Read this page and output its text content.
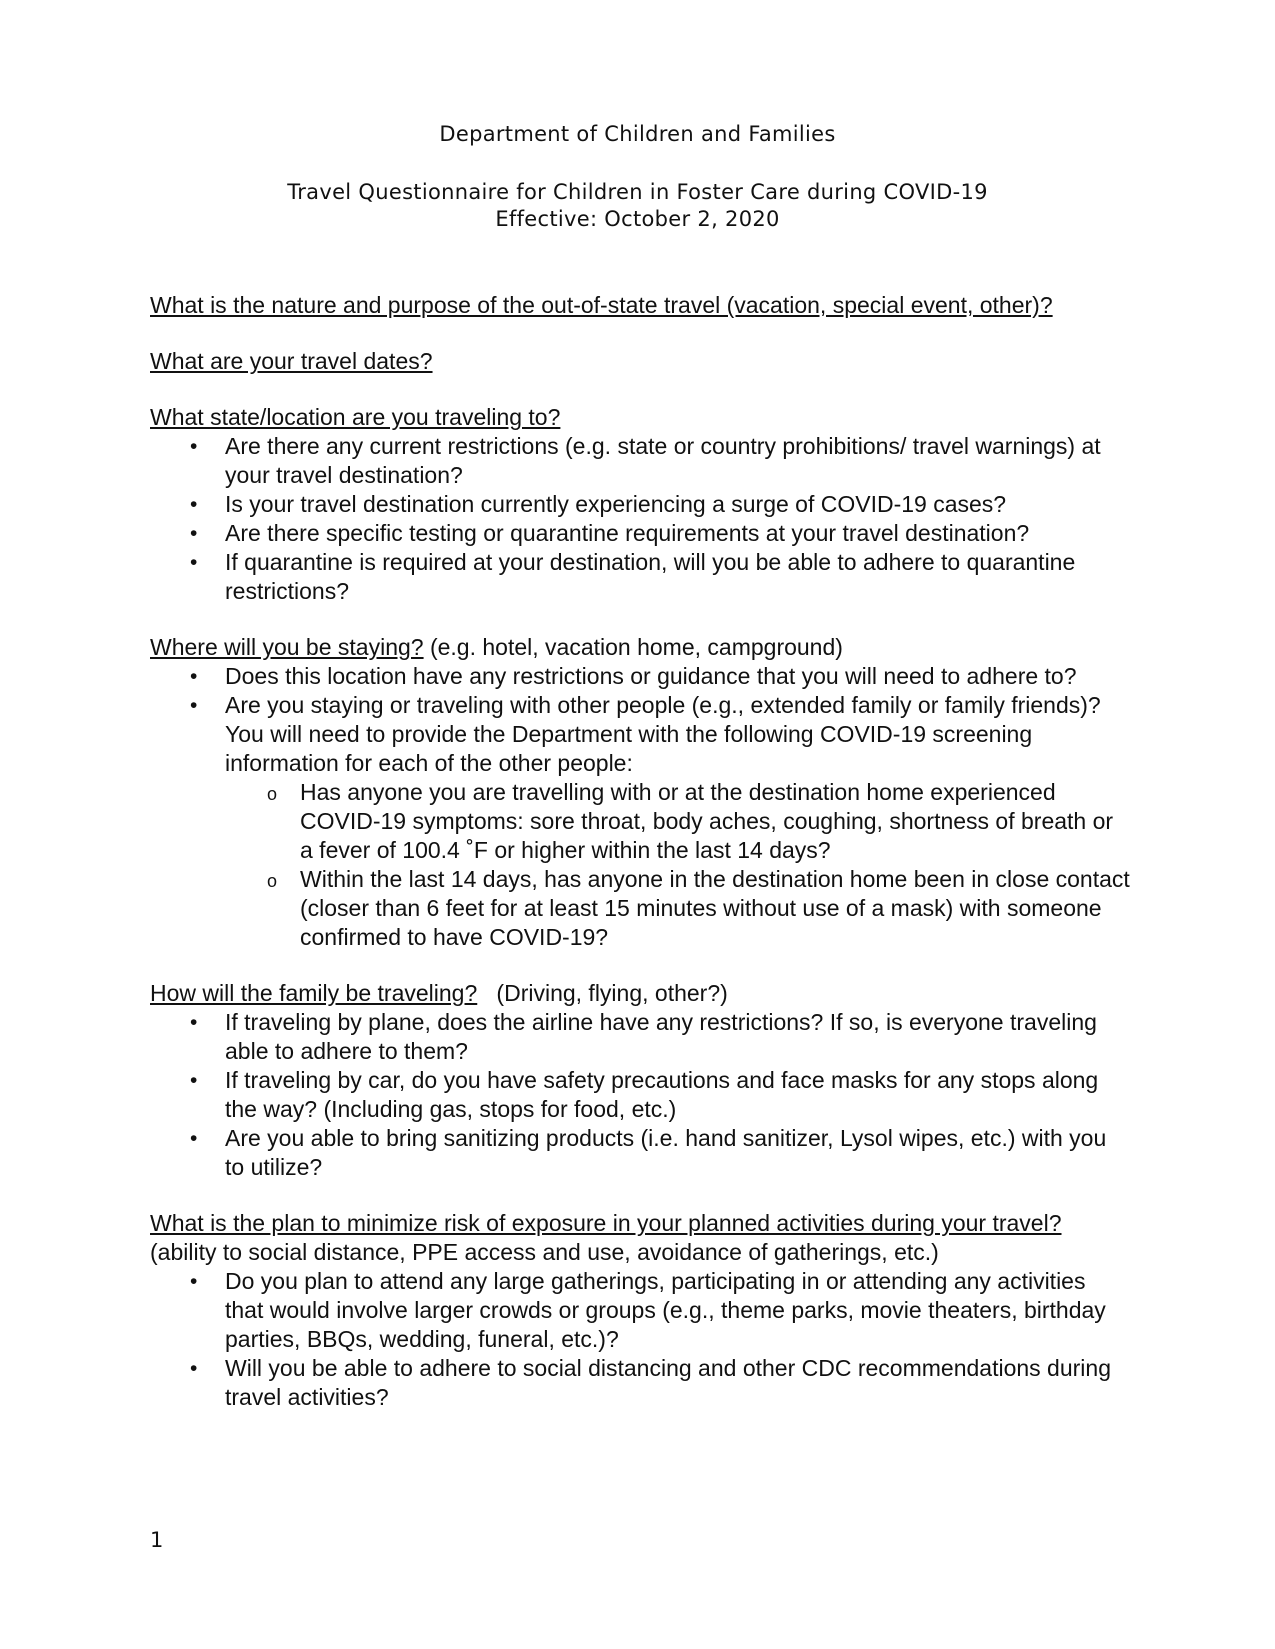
Department of Children and Families
Travel Questionnaire for Children in Foster Care during COVID-19
Effective: October 2, 2020

What is the nature and purpose of the out-of-state travel (vacation, special event, other)?

What are your travel dates?

What state/location are you traveling to?

• Are there any current restrictions (e.g. state or country prohibitions/ travel warnings) at your travel destination?
• Is your travel destination currently experiencing a surge of COVID-19 cases?
• Are there specific testing or quarantine requirements at your travel destination?
• If quarantine is required at your destination, will you be able to adhere to quarantine restrictions?

Where will you be staying? (e.g. hotel, vacation home, campground)

• Does this location have any restrictions or guidance that you will need to adhere to?
• Are you staying or traveling with other people (e.g., extended family or family friends)? You will need to provide the Department with the following COVID-19 screening information for each of the other people:
o Has anyone you are travelling with or at the destination home experienced COVID-19 symptoms: sore throat, body aches, coughing, shortness of breath or a fever of 100.4 ˚F or higher within the last 14 days?
o Within the last 14 days, has anyone in the destination home been in close contact (closer than 6 feet for at least 15 minutes without use of a mask) with someone confirmed to have COVID-19?

How will the family be traveling?   (Driving, flying, other?)

• If traveling by plane, does the airline have any restrictions? If so, is everyone traveling able to adhere to them?
• If traveling by car, do you have safety precautions and face masks for any stops along the way? (Including gas, stops for food, etc.)
• Are you able to bring sanitizing products (i.e. hand sanitizer, Lysol wipes, etc.) with you to utilize?

What is the plan to minimize risk of exposure in your planned activities during your travel? (ability to social distance, PPE access and use, avoidance of gatherings, etc.)

• Do you plan to attend any large gatherings, participating in or attending any activities that would involve larger crowds or groups (e.g., theme parks, movie theaters, birthday parties, BBQs, wedding, funeral, etc.)?
• Will you be able to adhere to social distancing and other CDC recommendations during travel activities?
1
